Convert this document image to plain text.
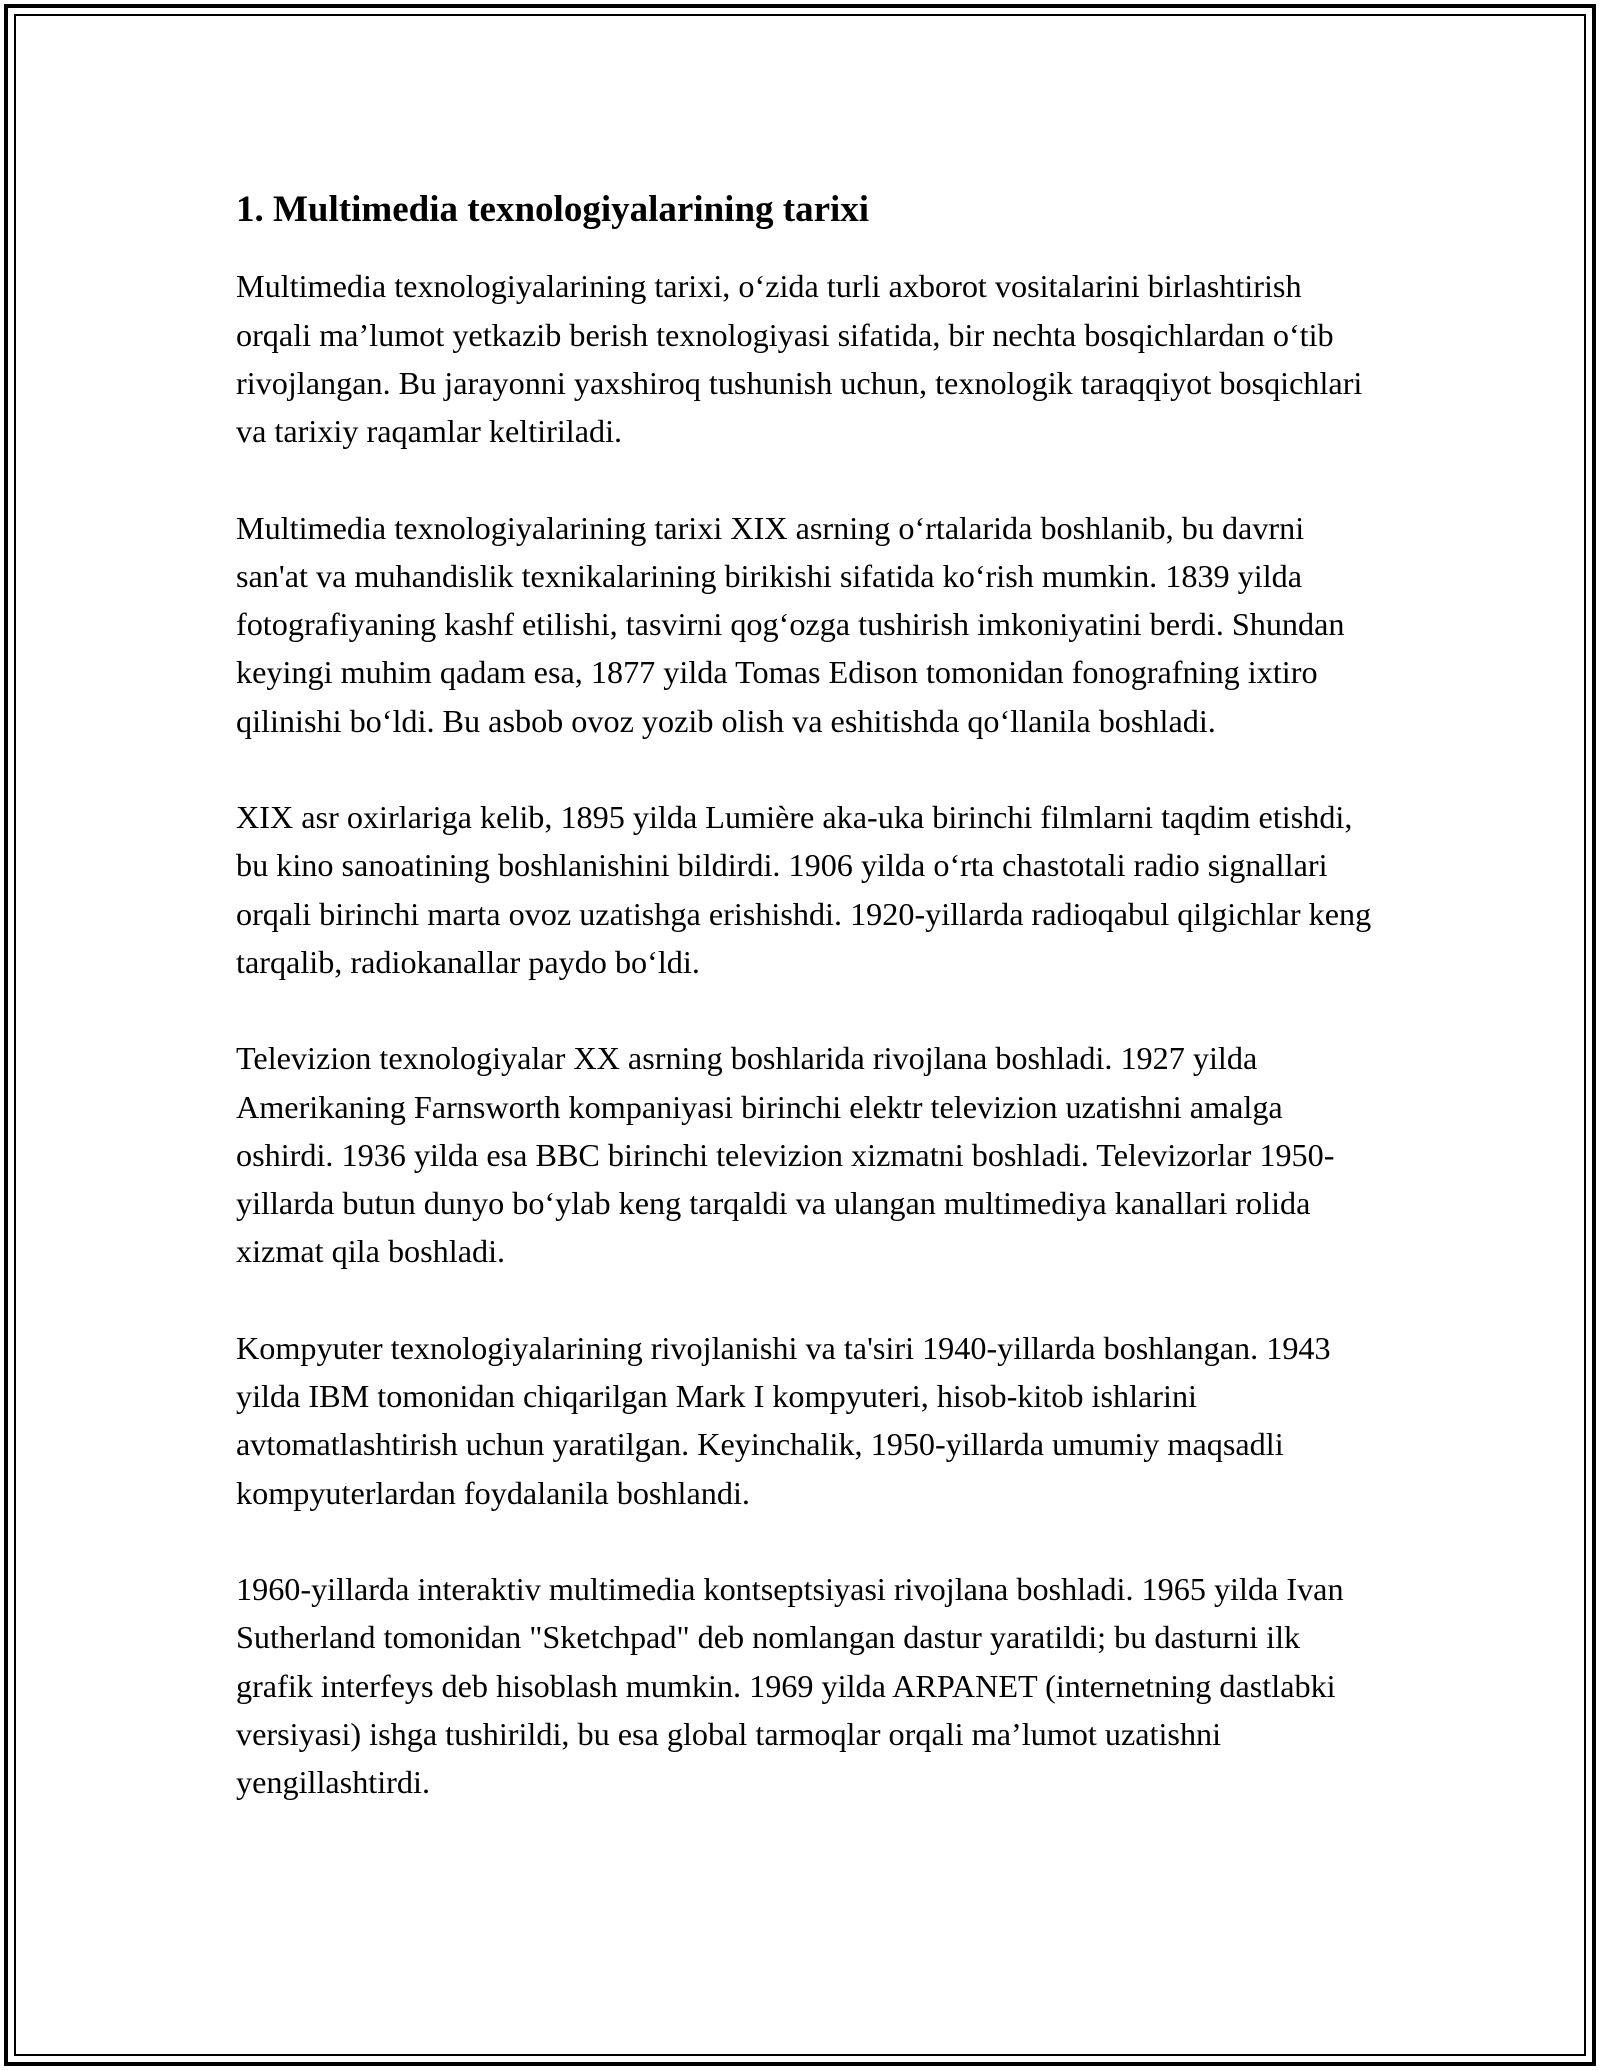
1. Multimedia texnologiyalarining tarixi

Multimedia texnologiyalarining tarixi, o‘zida turli axborot vositalarini birlashtirish orqali ma’lumot yetkazib berish texnologiyasi sifatida, bir nechta bosqichlardan o‘tib rivojlangan. Bu jarayonni yaxshiroq tushunish uchun, texnologik taraqqiyot bosqichlari va tarixiy raqamlar keltiriladi.

Multimedia texnologiyalarining tarixi XIX asrning o‘rtalarida boshlanib, bu davrni san'at va muhandislik texnikalarining birikishi sifatida ko‘rish mumkin. 1839 yilda fotografiyaning kashf etilishi, tasvirni qog‘ozga tushirish imkoniyatini berdi. Shundan keyingi muhim qadam esa, 1877 yilda Tomas Edison tomonidan fonografning ixtiro qilinishi bo‘ldi. Bu asbob ovoz yozib olish va eshitishda qo‘llanila boshladi.

XIX asr oxirlariga kelib, 1895 yilda Lumière aka-uka birinchi filmlarni taqdim etishdi, bu kino sanoatining boshlanishini bildirdi. 1906 yilda o‘rta chastotali radio signallari orqali birinchi marta ovoz uzatishga erishishdi. 1920-yillarda radioqabul qilgichlar keng tarqalib, radiokanallar paydo bo‘ldi.

Televizion texnologiyalar XX asrning boshlarida rivojlana boshladi. 1927 yilda Amerikaning Farnsworth kompaniyasi birinchi elektr televizion uzatishni amalga oshirdi. 1936 yilda esa BBC birinchi televizion xizmatni boshladi. Televizorlar 1950-yillarda butun dunyo bo‘ylab keng tarqaldi va ulangan multimediya kanallari rolida xizmat qila boshladi.

Kompyuter texnologiyalarining rivojlanishi va ta'siri 1940-yillarda boshlangan. 1943 yilda IBM tomonidan chiqarilgan Mark I kompyuteri, hisob-kitob ishlarini avtomatlashtirish uchun yaratilgan. Keyinchalik, 1950-yillarda umumiy maqsadli kompyuterlardan foydalanila boshlandi.

1960-yillarda interaktiv multimedia kontseptsiyasi rivojlana boshladi. 1965 yilda Ivan Sutherland tomonidan "Sketchpad" deb nomlangan dastur yaratildi; bu dasturni ilk grafik interfeys deb hisoblash mumkin. 1969 yilda ARPANET (internetning dastlabki versiyasi) ishga tushirildi, bu esa global tarmoqlar orqali ma’lumot uzatishni yengillashtirdi.
